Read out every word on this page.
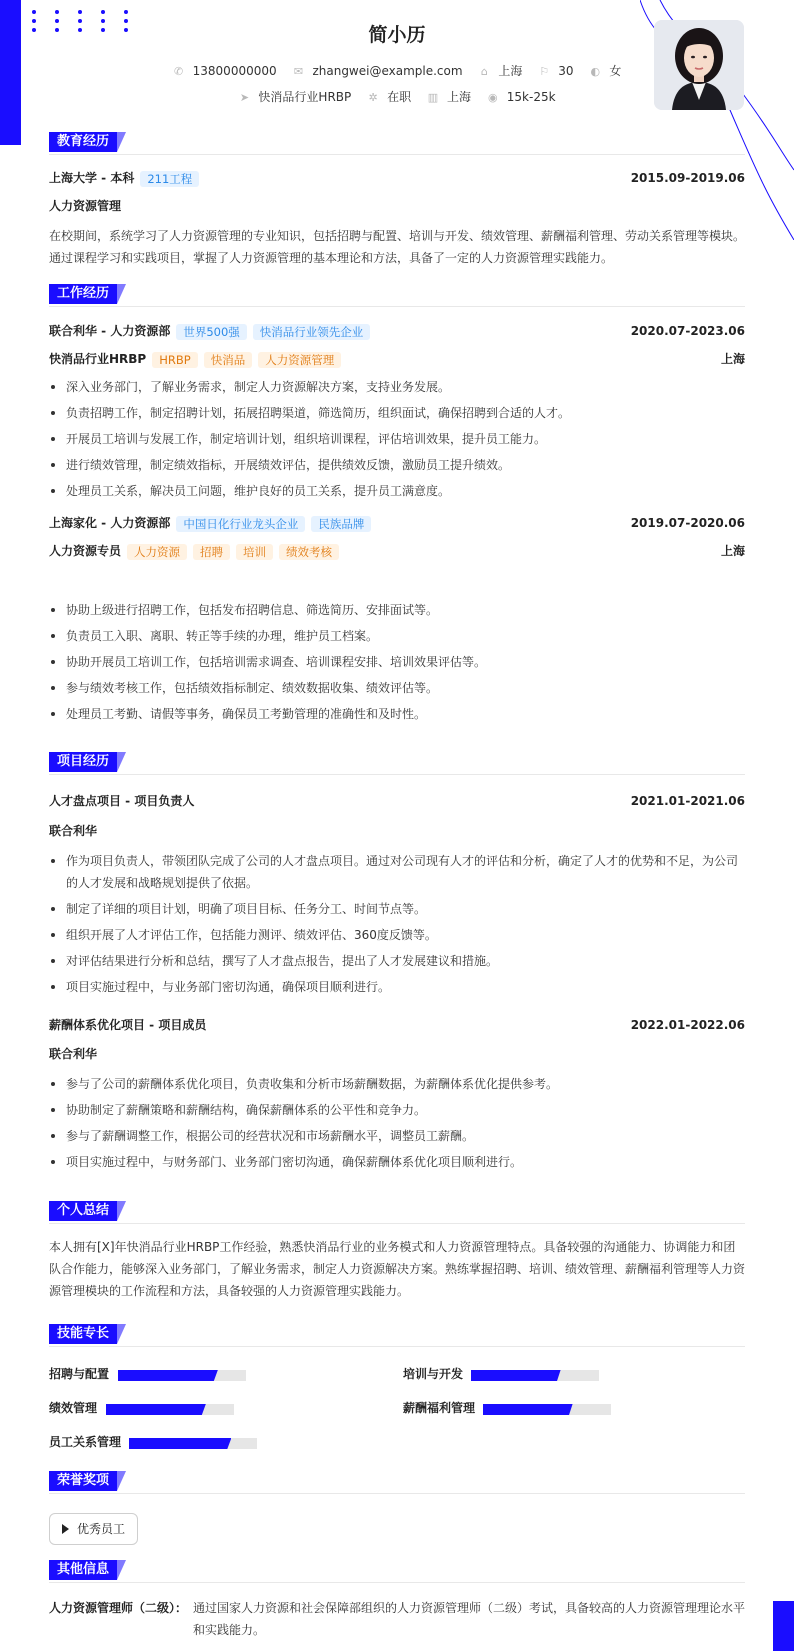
简小历
✆ 13800000000 ✉ zhangwei@example.com ⌂ 上海 ⚐ 30 ◐ 女
➤ 快消品行业HRBP ✲ 在职 ▥ 上海 ◉ 15k-25k
教育经历
上海大学 - 本科 211工程	2015.09-2019.06
人力资源管理
在校期间，系统学习了人力资源管理的专业知识，包括招聘与配置、培训与开发、绩效管理、薪酬福利管理、劳动关系管理等模块。通过课程学习和实践项目，掌握了人力资源管理的基本理论和方法，具备了一定的人力资源管理实践能力。
工作经历
联合利华 - 人力资源部 世界500强 快消品行业领先企业	2020.07-2023.06
快消品行业HRBP HRBP 快消品 人力资源管理	上海
深入业务部门，了解业务需求，制定人力资源解决方案，支持业务发展。
负责招聘工作，制定招聘计划，拓展招聘渠道，筛选简历，组织面试，确保招聘到合适的人才。
开展员工培训与发展工作，制定培训计划，组织培训课程，评估培训效果，提升员工能力。
进行绩效管理，制定绩效指标，开展绩效评估，提供绩效反馈，激励员工提升绩效。
处理员工关系，解决员工问题，维护良好的员工关系，提升员工满意度。
上海家化 - 人力资源部 中国日化行业龙头企业 民族品牌	2019.07-2020.06
人力资源专员 人力资源 招聘 培训 绩效考核	上海
协助上级进行招聘工作，包括发布招聘信息、筛选简历、安排面试等。
负责员工入职、离职、转正等手续的办理，维护员工档案。
协助开展员工培训工作，包括培训需求调查、培训课程安排、培训效果评估等。
参与绩效考核工作，包括绩效指标制定、绩效数据收集、绩效评估等。
处理员工考勤、请假等事务，确保员工考勤管理的准确性和及时性。
项目经历
人才盘点项目 - 项目负责人	2021.01-2021.06
联合利华
作为项目负责人，带领团队完成了公司的人才盘点项目。通过对公司现有人才的评估和分析，确定了人才的优势和不足，为公司的人才发展和战略规划提供了依据。
制定了详细的项目计划，明确了项目目标、任务分工、时间节点等。
组织开展了人才评估工作，包括能力测评、绩效评估、360度反馈等。
对评估结果进行分析和总结，撰写了人才盘点报告，提出了人才发展建议和措施。
项目实施过程中，与业务部门密切沟通，确保项目顺利进行。
薪酬体系优化项目 - 项目成员	2022.01-2022.06
联合利华
参与了公司的薪酬体系优化项目，负责收集和分析市场薪酬数据，为薪酬体系优化提供参考。
协助制定了薪酬策略和薪酬结构，确保薪酬体系的公平性和竞争力。
参与了薪酬调整工作，根据公司的经营状况和市场薪酬水平，调整员工薪酬。
项目实施过程中，与财务部门、业务部门密切沟通，确保薪酬体系优化项目顺利进行。
个人总结
本人拥有[X]年快消品行业HRBP工作经验，熟悉快消品行业的业务模式和人力资源管理特点。具备较强的沟通能力、协调能力和团队合作能力，能够深入业务部门，了解业务需求，制定人力资源解决方案。熟练掌握招聘、培训、绩效管理、薪酬福利管理等人力资源管理模块的工作流程和方法，具备较强的人力资源管理实践能力。
技能专长
招聘与配置	培训与开发
绩效管理	薪酬福利管理
员工关系管理
荣誉奖项
优秀员工
其他信息
人力资源管理师（二级）： 通过国家人力资源和社会保障部组织的人力资源管理师（二级）考试，具备较高的人力资源管理理论水平和实践能力。
